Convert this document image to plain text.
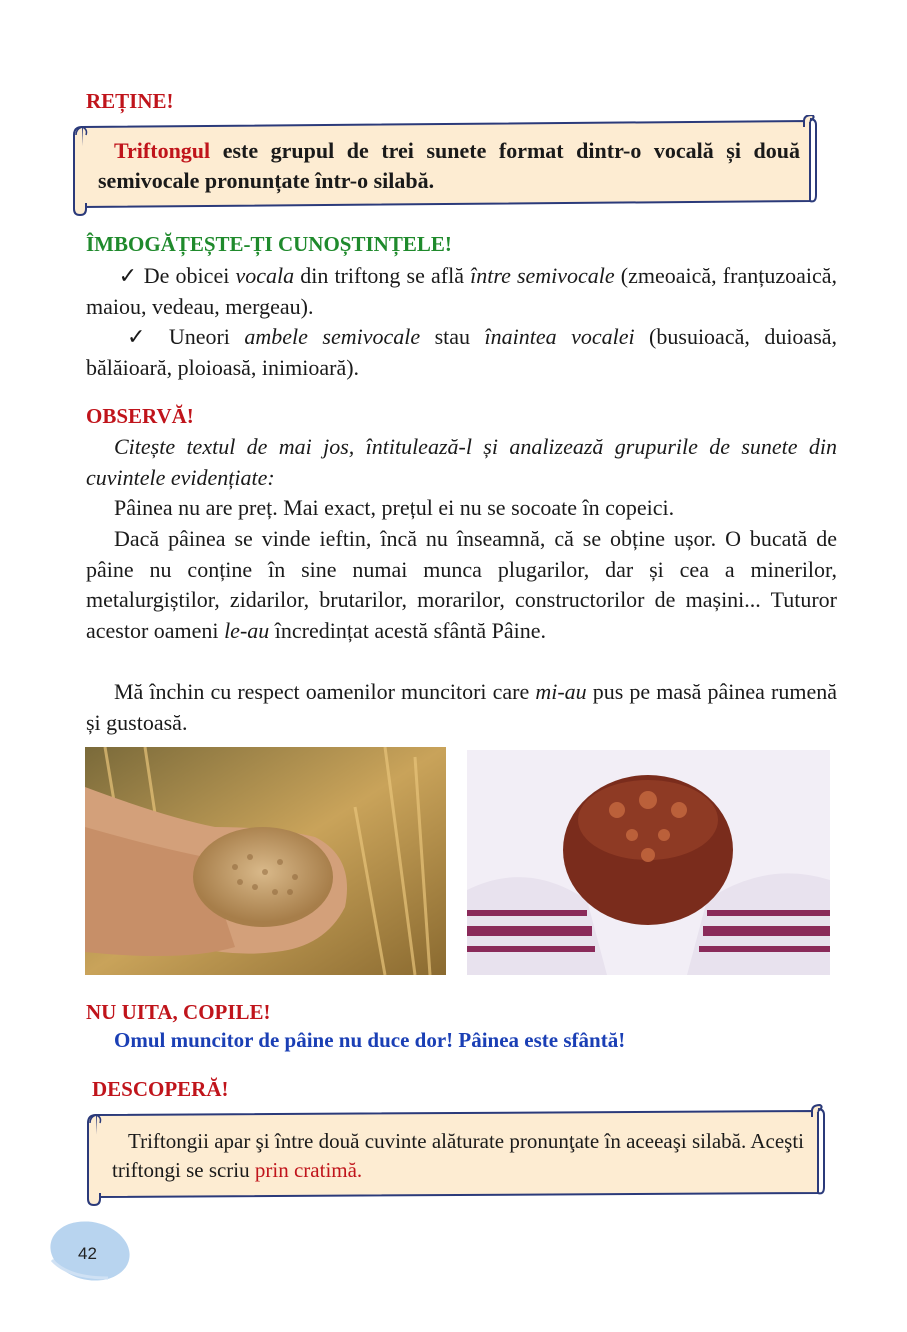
REȚINE!
Triftongul este grupul de trei sunete format dintr-o vocală și două semivocale pronunțate într-o silabă.
ÎMBOGĂȚEȘTE-ȚI CUNOȘTINȚELE!
✓ De obicei vocala din triftong se află între semivocale (zmeoaică, franțuzoaică, maiou, vedeau, mergeau).
✓ Uneori ambele semivocale stau înaintea vocalei (busuioacă, duioasă, bălăioară, ploioasă, inimioară).
OBSERVĂ!
Citește textul de mai jos, întitulează-l și analizează grupurile de sunete din cuvintele evidențiate:
Pâinea nu are preț. Mai exact, prețul ei nu se socoate în copeici.
Dacă pâinea se vinde ieftin, încă nu înseamnă, că se obține ușor. O bucată de pâine nu conține în sine numai munca plugarilor, dar și cea a minerilor, metalurgiștilor, zidarilor, brutarilor, morarilor, constructorilor de mașini... Tuturor acestor oameni le-au încredințat acestă sfântă Pâine.
Mă închin cu respect oamenilor muncitori care mi-au pus pe masă pâinea rumenă și gustoasă.
NU UITA, COPILE!
Omul muncitor de pâine nu duce dor! Pâinea este sfântă!
DESCOPERĂ!
Triftongii apar şi între două cuvinte alăturate pronunţate în aceeaşi silabă. Aceşti triftongi se scriu prin cratimă.
42
